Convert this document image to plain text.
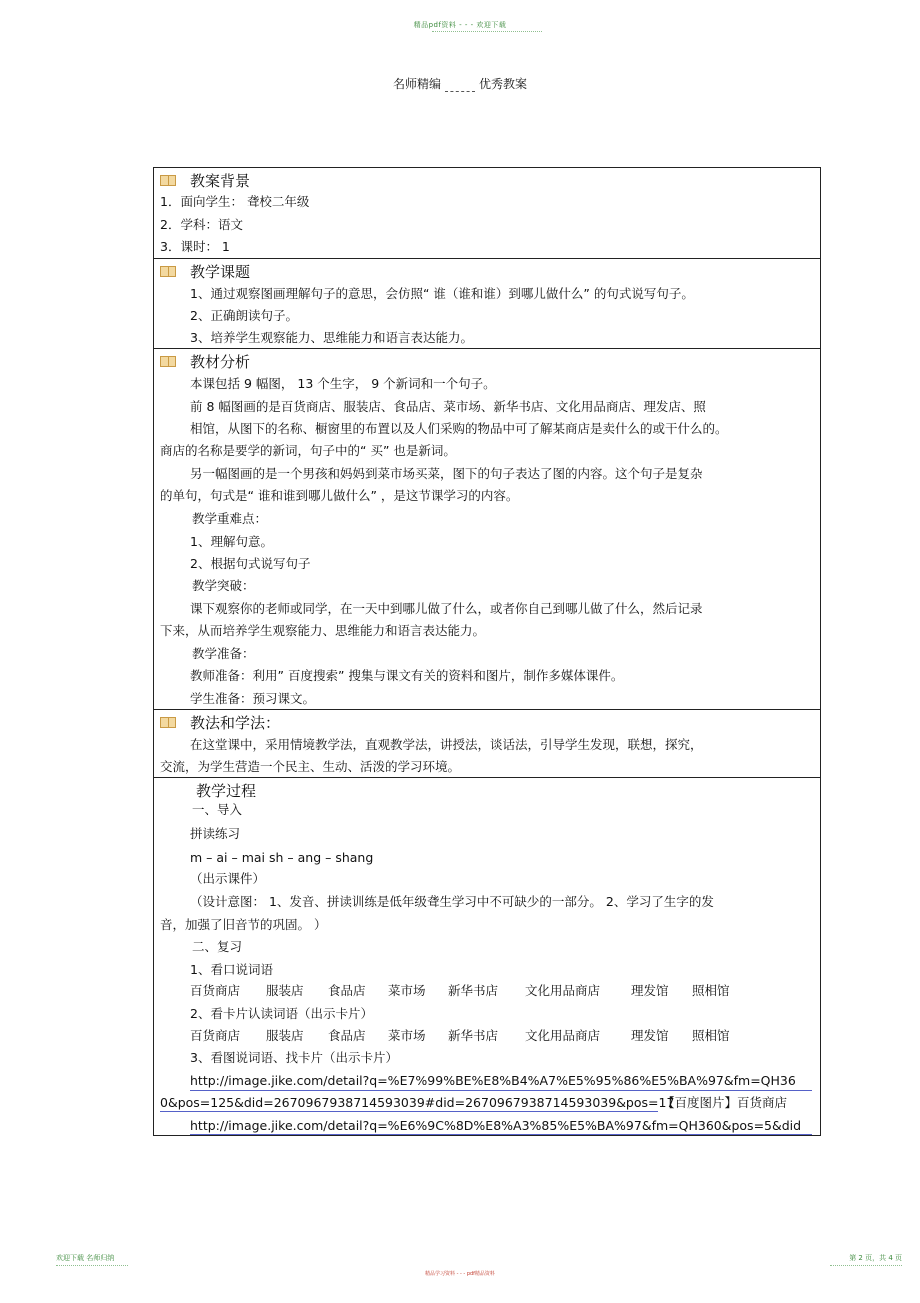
精品pdf资料 - - - 欢迎下载
名师精编	优秀教案
教案背景
1．面向学生： 聋校二年级
2．学科：语文
3．课时： 1
教学课题
1、通过观察图画理解句子的意思，会仿照“ 谁（谁和谁）到哪儿做什么” 的句式说写句子。
2、正确朗读句子。
3、培养学生观察能力、思维能力和语言表达能力。
教材分析
本课包括 9 幅图， 13 个生字， 9 个新词和一个句子。
前 8 幅图画的是百货商店、服装店、食品店、菜市场、新华书店、文化用品商店、理发店、照
相馆，从图下的名称、橱窗里的布置以及人们采购的物品中可了解某商店是卖什么的或干什么的。
商店的名称是要学的新词，句子中的“ 买” 也是新词。
另一幅图画的是一个男孩和妈妈到菜市场买菜，图下的句子表达了图的内容。这个句子是复杂
的单句，句式是“ 谁和谁到哪儿做什么” ，是这节课学习的内容。
教学重难点：
1、理解句意。
2、根据句式说写句子
教学突破：
课下观察你的老师或同学，在一天中到哪儿做了什么，或者你自己到哪儿做了什么，然后记录
下来，从而培养学生观察能力、思维能力和语言表达能力。
教学准备：
教师准备：利用” 百度搜索” 搜集与课文有关的资料和图片，制作多媒体课件。
学生准备：预习课文。
教法和学法：
在这堂课中，采用情境教学法，直观教学法，讲授法，谈话法，引导学生发现，联想，探究，
交流，为学生营造一个民主、生动、活泼的学习环境。
教学过程
一、导入
拼读练习
m – ai – mai sh – ang – shang
（出示课件）
（设计意图： 1、发音、拼读训练是低年级聋生学习中不可缺少的一部分。 2、学习了生字的发
音，加强了旧音节的巩固。 ）
二、复习
1、看口说词语
百货商店 服装店 食品店 菜市场 新华书店 文化用品商店 理发馆 照相馆
2、看卡片认读词语（出示卡片）
百货商店 服装店 食品店 菜市场 新华书店 文化用品商店 理发馆 照相馆
3、看图说词语、找卡片（出示卡片）
http://image.jike.com/detail?q=%E7%99%BE%E8%B4%A7%E5%95%86%E5%BA%97&fm=QH36
0&pos=125&did=2670967938714593039#did=2670967938714593039&pos=17
【百度图片】百货商店
http://image.jike.com/detail?q=%E6%9C%8D%E8%A3%85%E5%BA%97&fm=QH360&pos=5&did
欢迎下载 名师归纳
精品学习资料 - - - pdf精品资料
第 2 页，共 4 页
